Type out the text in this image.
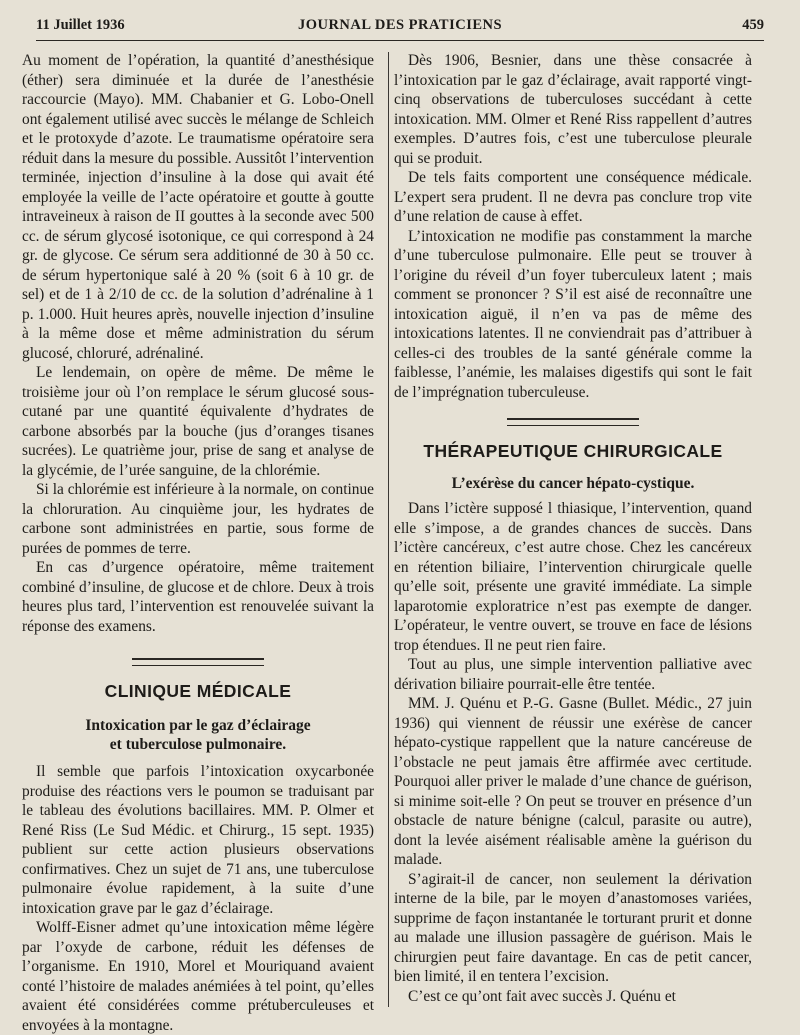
11 Juillet 1936	JOURNAL DES PRATICIENS	459

Au moment de l’opération, la quantité d’anesthésique (éther) sera diminuée et la durée de l’anesthésie raccourcie (Mayo). MM. Chabanier et G. Lobo-Onell ont également utilisé avec succès le mélange de Schleich et le protoxyde d’azote. Le traumatisme opératoire sera réduit dans la mesure du possible. Aussitôt l’intervention terminée, injection d’insuline à la dose qui avait été employée la veille de l’acte opératoire et goutte à goutte intraveineux à raison de II gouttes à la seconde avec 500 cc. de sérum glycosé isotonique, ce qui correspond à 24 gr. de glycose. Ce sérum sera additionné de 30 à 50 cc. de sérum hypertonique salé à 20 % (soit 6 à 10 gr. de sel) et de 1 à 2/10 de cc. de la solution d’adrénaline à 1 p. 1.000. Huit heures après, nouvelle injection d’insuline à la même dose et même administration du sérum glucosé, chloruré, adrénaliné.

Le lendemain, on opère de même. De même le troisième jour où l’on remplace le sérum glucosé sous-cutané par une quantité équivalente d’hydrates de carbone absorbés par la bouche (jus d’oranges tisanes sucrées). Le quatrième jour, prise de sang et analyse de la glycémie, de l’urée sanguine, de la chlorémie.

Si la chlorémie est inférieure à la normale, on continue la chloruration. Au cinquième jour, les hydrates de carbone sont administrées en partie, sous forme de purées de pommes de terre.

En cas d’urgence opératoire, même traitement combiné d’insuline, de glucose et de chlore. Deux à trois heures plus tard, l’intervention est renouvelée suivant la réponse des examens.

CLINIQUE MÉDICALE
Intoxication par le gaz d’éclairage
et tuberculose pulmonaire.

Il semble que parfois l’intoxication oxycarbonée produise des réactions vers le poumon se traduisant par le tableau des évolutions bacillaires. MM. P. Olmer et René Riss (Le Sud Médic. et Chirurg., 15 sept. 1935) publient sur cette action plusieurs observations confirmatives. Chez un sujet de 71 ans, une tuberculose pulmonaire évolue rapidement, à la suite d’une intoxication grave par le gaz d’éclairage.

Wolff-Eisner admet qu’une intoxication même légère par l’oxyde de carbone, réduit les défenses de l’organisme. En 1910, Morel et Mouriquand avaient conté l’histoire de malades anémiées à tel point, qu’elles avaient été considérées comme prétuberculeuses et envoyées à la montagne.

Dès 1906, Besnier, dans une thèse consacrée à l’intoxication par le gaz d’éclairage, avait rapporté vingt-cinq observations de tuberculoses succédant à cette intoxication. MM. Olmer et René Riss rappellent d’autres exemples. D’autres fois, c’est une tuberculose pleurale qui se produit.

De tels faits comportent une conséquence médicale. L’expert sera prudent. Il ne devra pas conclure trop vite d’une relation de cause à effet.

L’intoxication ne modifie pas constamment la marche d’une tuberculose pulmonaire. Elle peut se trouver à l’origine du réveil d’un foyer tuberculeux latent ; mais comment se prononcer ? S’il est aisé de reconnaître une intoxication aiguë, il n’en va pas de même des intoxications latentes. Il ne conviendrait pas d’attribuer à celles-ci des troubles de la santé générale comme la faiblesse, l’anémie, les malaises digestifs qui sont le fait de l’imprégnation tuberculeuse.

THÉRAPEUTIQUE CHIRURGICALE
L’exérèse du cancer hépato-cystique.

Dans l’ictère supposé l thiasique, l’intervention, quand elle s’impose, a de grandes chances de succès. Dans l’ictère cancéreux, c’est autre chose. Chez les cancéreux en rétention biliaire, l’intervention chirurgicale quelle qu’elle soit, présente une gravité immédiate. La simple laparotomie exploratrice n’est pas exempte de danger. L’opérateur, le ventre ouvert, se trouve en face de lésions trop étendues. Il ne peut rien faire.

Tout au plus, une simple intervention palliative avec dérivation biliaire pourrait-elle être tentée.

MM. J. Quénu et P.-G. Gasne (Bullet. Médic., 27 juin 1936) qui viennent de réussir une exérèse de cancer hépato-cystique rappellent que la nature cancéreuse de l’obstacle ne peut jamais être affirmée avec certitude. Pourquoi aller priver le malade d’une chance de guérison, si minime soit-elle ? On peut se trouver en présence d’un obstacle de nature bénigne (calcul, parasite ou autre), dont la levée aisément réalisable amène la guérison du malade.

S’agirait-il de cancer, non seulement la dérivation interne de la bile, par le moyen d’anastomoses variées, supprime de façon instantanée le torturant prurit et donne au malade une illusion passagère de guérison. Mais le chirurgien peut faire davantage. En cas de petit cancer, bien limité, il en tentera l’excision.

C’est ce qu’ont fait avec succès J. Quénu et
